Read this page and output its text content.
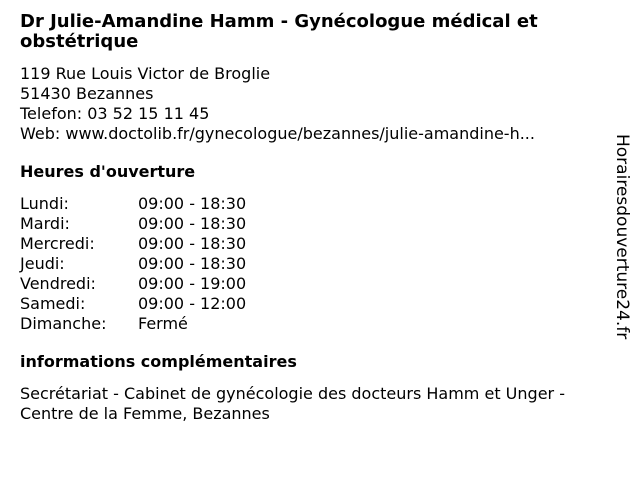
Dr Julie-Amandine Hamm - Gynécologue médical et obstétrique
119 Rue Louis Victor de Broglie
51430 Bezannes
Telefon: 03 52 15 11 45
Web: www.doctolib.fr/gynecologue/bezannes/julie-amandine-h...
Heures d'ouverture
Lundi:	09:00 - 18:30
Mardi:	09:00 - 18:30
Mercredi:	09:00 - 18:30
Jeudi:	09:00 - 18:30
Vendredi:	09:00 - 19:00
Samedi:	09:00 - 12:00
Dimanche:	Fermé
informations complémentaires
Secrétariat - Cabinet de gynécologie des docteurs Hamm et Unger - Centre de la Femme, Bezannes
Horairesdouverture24.fr
